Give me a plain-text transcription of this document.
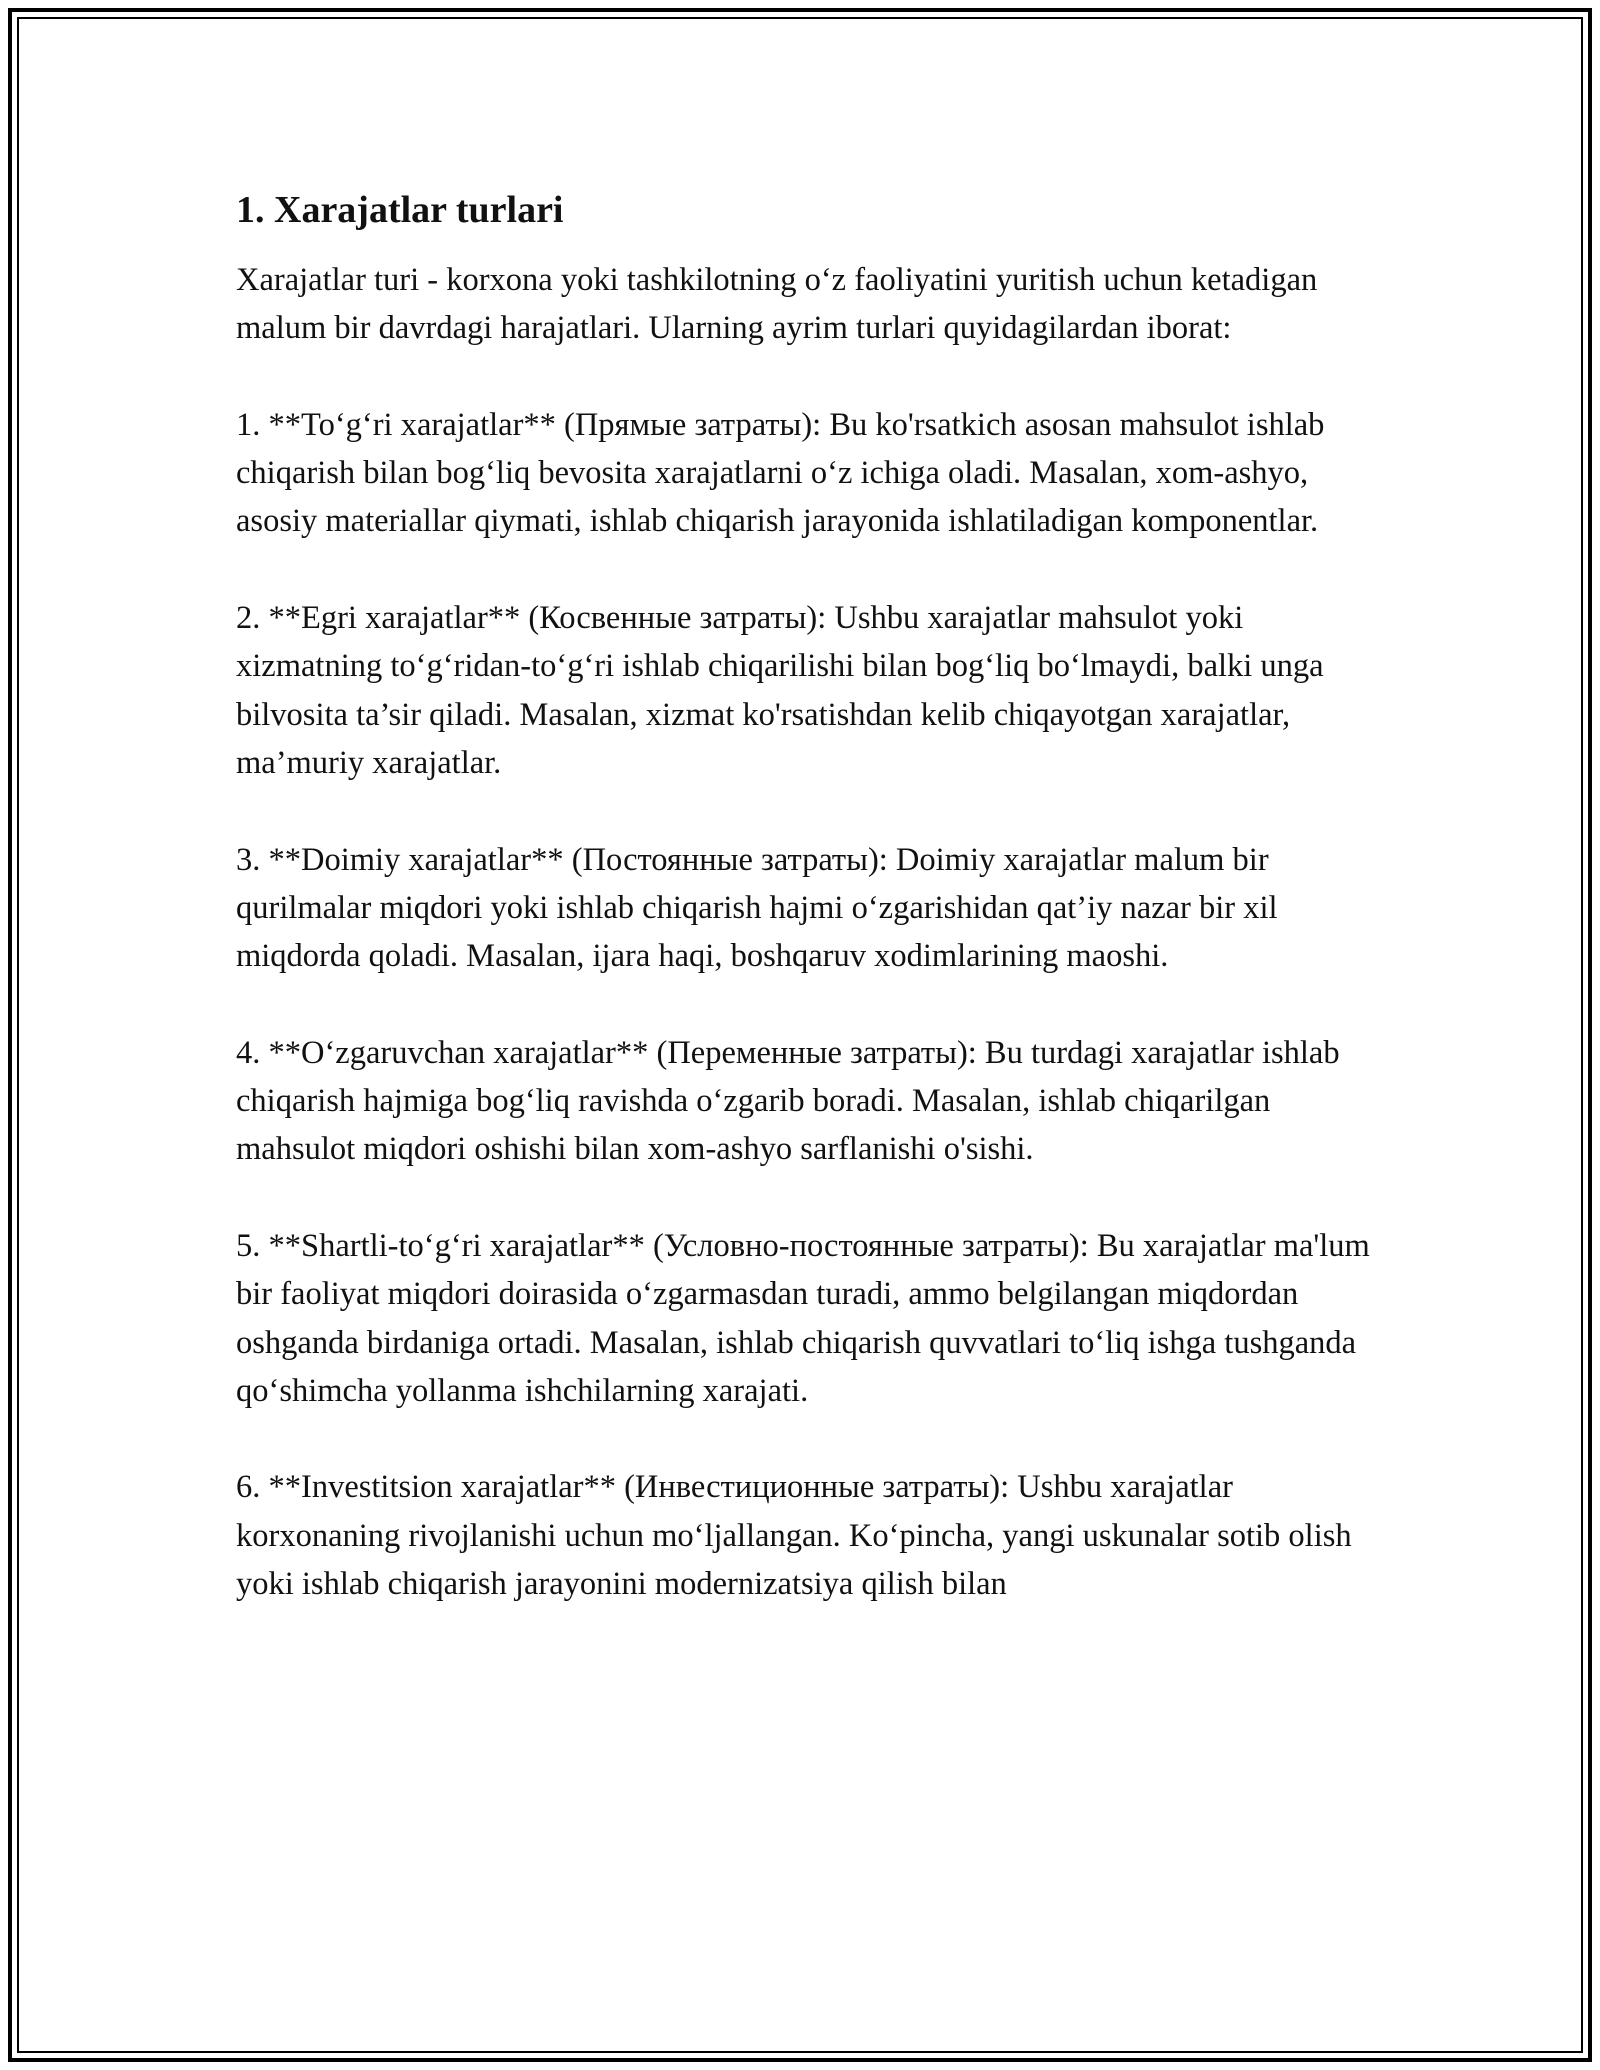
1. Xarajatlar turlari

Xarajatlar turi - korxona yoki tashkilotning o‘z faoliyatini yuritish uchun ketadigan malum bir davrdagi harajatlari. Ularning ayrim turlari quyidagilardan iborat:

1. **To‘g‘ri xarajatlar** (Прямые затраты): Bu ko'rsatkich asosan mahsulot ishlab chiqarish bilan bog‘liq bevosita xarajatlarni o‘z ichiga oladi. Masalan, xom-ashyo, asosiy materiallar qiymati, ishlab chiqarish jarayonida ishlatiladigan komponentlar.

2. **Egri xarajatlar** (Косвенные затраты): Ushbu xarajatlar mahsulot yoki xizmatning to‘g‘ridan-to‘g‘ri ishlab chiqarilishi bilan bog‘liq bo‘lmaydi, balki unga bilvosita ta’sir qiladi. Masalan, xizmat ko'rsatishdan kelib chiqayotgan xarajatlar, ma’muriy xarajatlar.

3. **Doimiy xarajatlar** (Постоянные затраты): Doimiy xarajatlar malum bir qurilmalar miqdori yoki ishlab chiqarish hajmi o‘zgarishidan qat’iy nazar bir xil miqdorda qoladi. Masalan, ijara haqi, boshqaruv xodimlarining maoshi.

4. **O‘zgaruvchan xarajatlar** (Переменные затраты): Bu turdagi xarajatlar ishlab chiqarish hajmiga bog‘liq ravishda o‘zgarib boradi. Masalan, ishlab chiqarilgan mahsulot miqdori oshishi bilan xom-ashyo sarflanishi o'sishi.

5. **Shartli-to‘g‘ri xarajatlar** (Условно-постоянные затраты): Bu xarajatlar ma'lum bir faoliyat miqdori doirasida o‘zgarmasdan turadi, ammo belgilangan miqdordan oshganda birdaniga ortadi. Masalan, ishlab chiqarish quvvatlari to‘liq ishga tushganda qo‘shimcha yollanma ishchilarning xarajati.

6. **Investitsion xarajatlar** (Инвестиционные затраты): Ushbu xarajatlar korxonaning rivojlanishi uchun mo‘ljallangan. Ko‘pincha, yangi uskunalar sotib olish yoki ishlab chiqarish jarayonini modernizatsiya qilish bilan
